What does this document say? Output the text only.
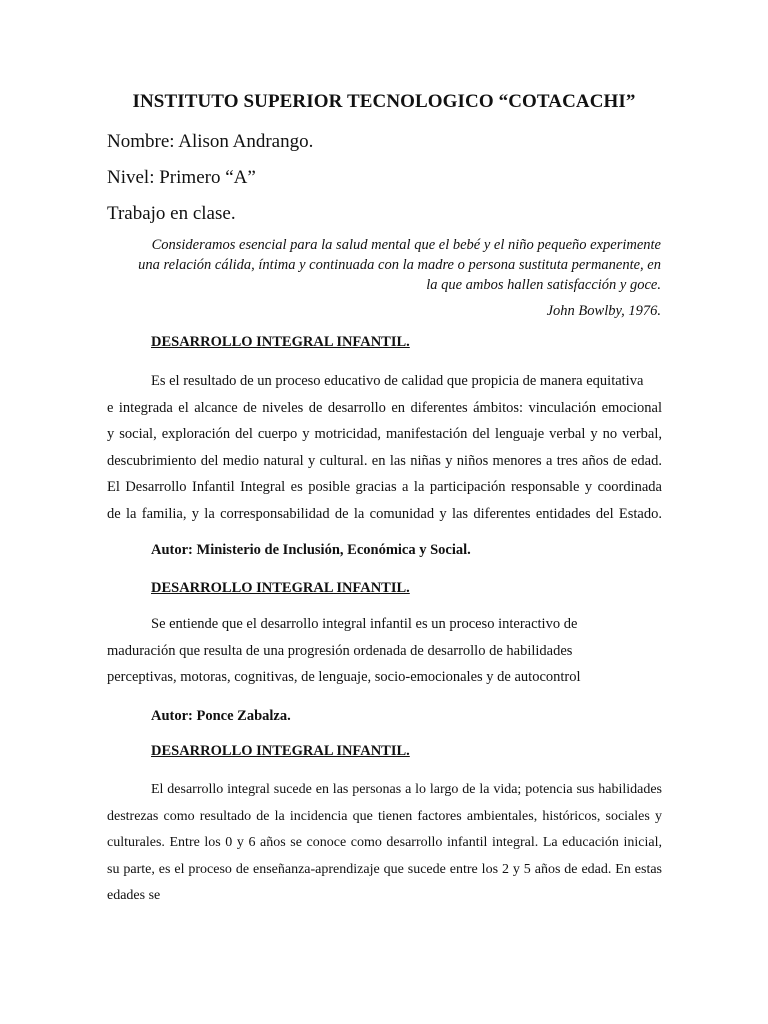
INSTITUTO SUPERIOR TECNOLOGICO “COTACACHI”
Nombre: Alison Andrango.
Nivel: Primero “A”
Trabajo en clase.
Consideramos esencial para la salud mental que el bebé y el niño pequeño experimente
una relación cálida, íntima y continuada con la madre o persona sustituta permanente, en
la que ambos hallen satisfacción y goce.
John Bowlby, 1976.
DESARROLLO INTEGRAL INFANTIL.
Es el resultado de un proceso educativo de calidad que propicia de manera equitativa
e integrada el alcance de niveles de desarrollo en diferentes ámbitos: vinculación emocional
y social, exploración del cuerpo y motricidad, manifestación del lenguaje verbal y no verbal,
descubrimiento del medio natural y cultural. en las niñas y niños menores a tres años de edad.
El Desarrollo Infantil Integral es posible gracias a la participación responsable y coordinada
de la familia, y la corresponsabilidad de la comunidad y las diferentes entidades del Estado.
Autor: Ministerio de Inclusión, Económica y Social.
DESARROLLO INTEGRAL INFANTIL.
Se entiende que el desarrollo integral infantil es un proceso interactivo de
maduración que resulta de una progresión ordenada de desarrollo de habilidades
perceptivas, motoras, cognitivas, de lenguaje, socio-emocionales y de autocontrol
Autor: Ponce Zabalza.
DESARROLLO INTEGRAL INFANTIL.
El desarrollo integral sucede en las personas a lo largo de la vida; potencia sus habilidades
destrezas como resultado de la incidencia que tienen factores ambientales, históricos, sociales y
culturales. Entre los 0 y 6 años se conoce como desarrollo infantil integral. La educación inicial,
su parte, es el proceso de enseñanza-aprendizaje que sucede entre los 2 y 5 años de edad. En estas
edades se
